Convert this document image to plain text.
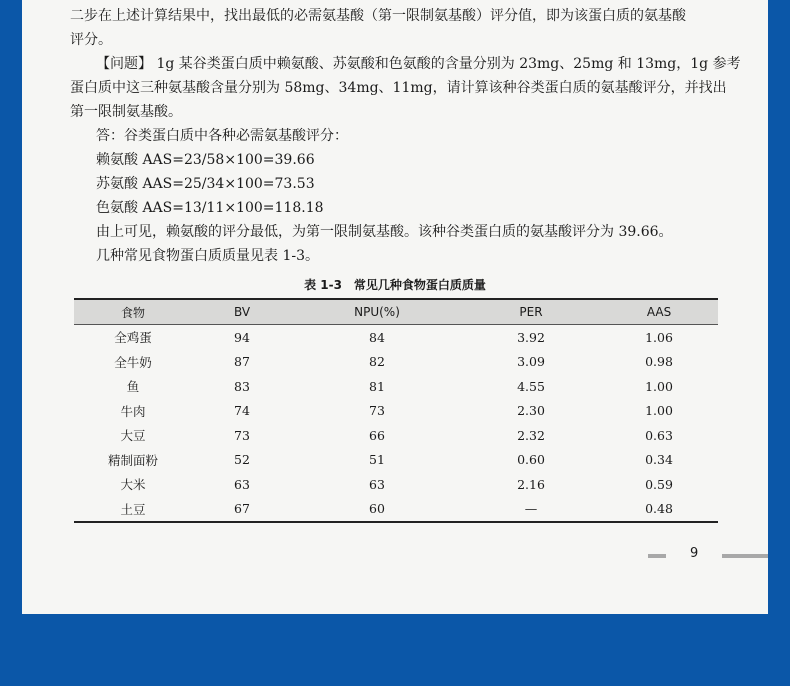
二步在上述计算结果中，找出最低的必需氨基酸（第一限制氨基酸）评分值，即为该蛋白质的氨基酸
评分。
【问题】 1g 某谷类蛋白质中赖氨酸、苏氨酸和色氨酸的含量分别为 23mg、25mg 和 13mg，1g 参考
蛋白质中这三种氨基酸含量分别为 58mg、34mg、11mg，请计算该种谷类蛋白质的氨基酸评分，并找出
第一限制氨基酸。
答：谷类蛋白质中各种必需氨基酸评分：
赖氨酸 AAS=23/58×100=39.66
苏氨酸 AAS=25/34×100=73.53
色氨酸 AAS=13/11×100=118.18
由上可见，赖氨酸的评分最低，为第一限制氨基酸。该种谷类蛋白质的氨基酸评分为 39.66。
几种常见食物蛋白质质量见表 1-3。
表 1-3　常见几种食物蛋白质质量
食物	BV	NPU(%)	PER	AAS
全鸡蛋	94	84	3.92	1.06
全牛奶	87	82	3.09	0.98
鱼	83	81	4.55	1.00
牛肉	74	73	2.30	1.00
大豆	73	66	2.32	0.63
精制面粉	52	51	0.60	0.34
大米	63	63	2.16	0.59
土豆	67	60	—	0.48
9
